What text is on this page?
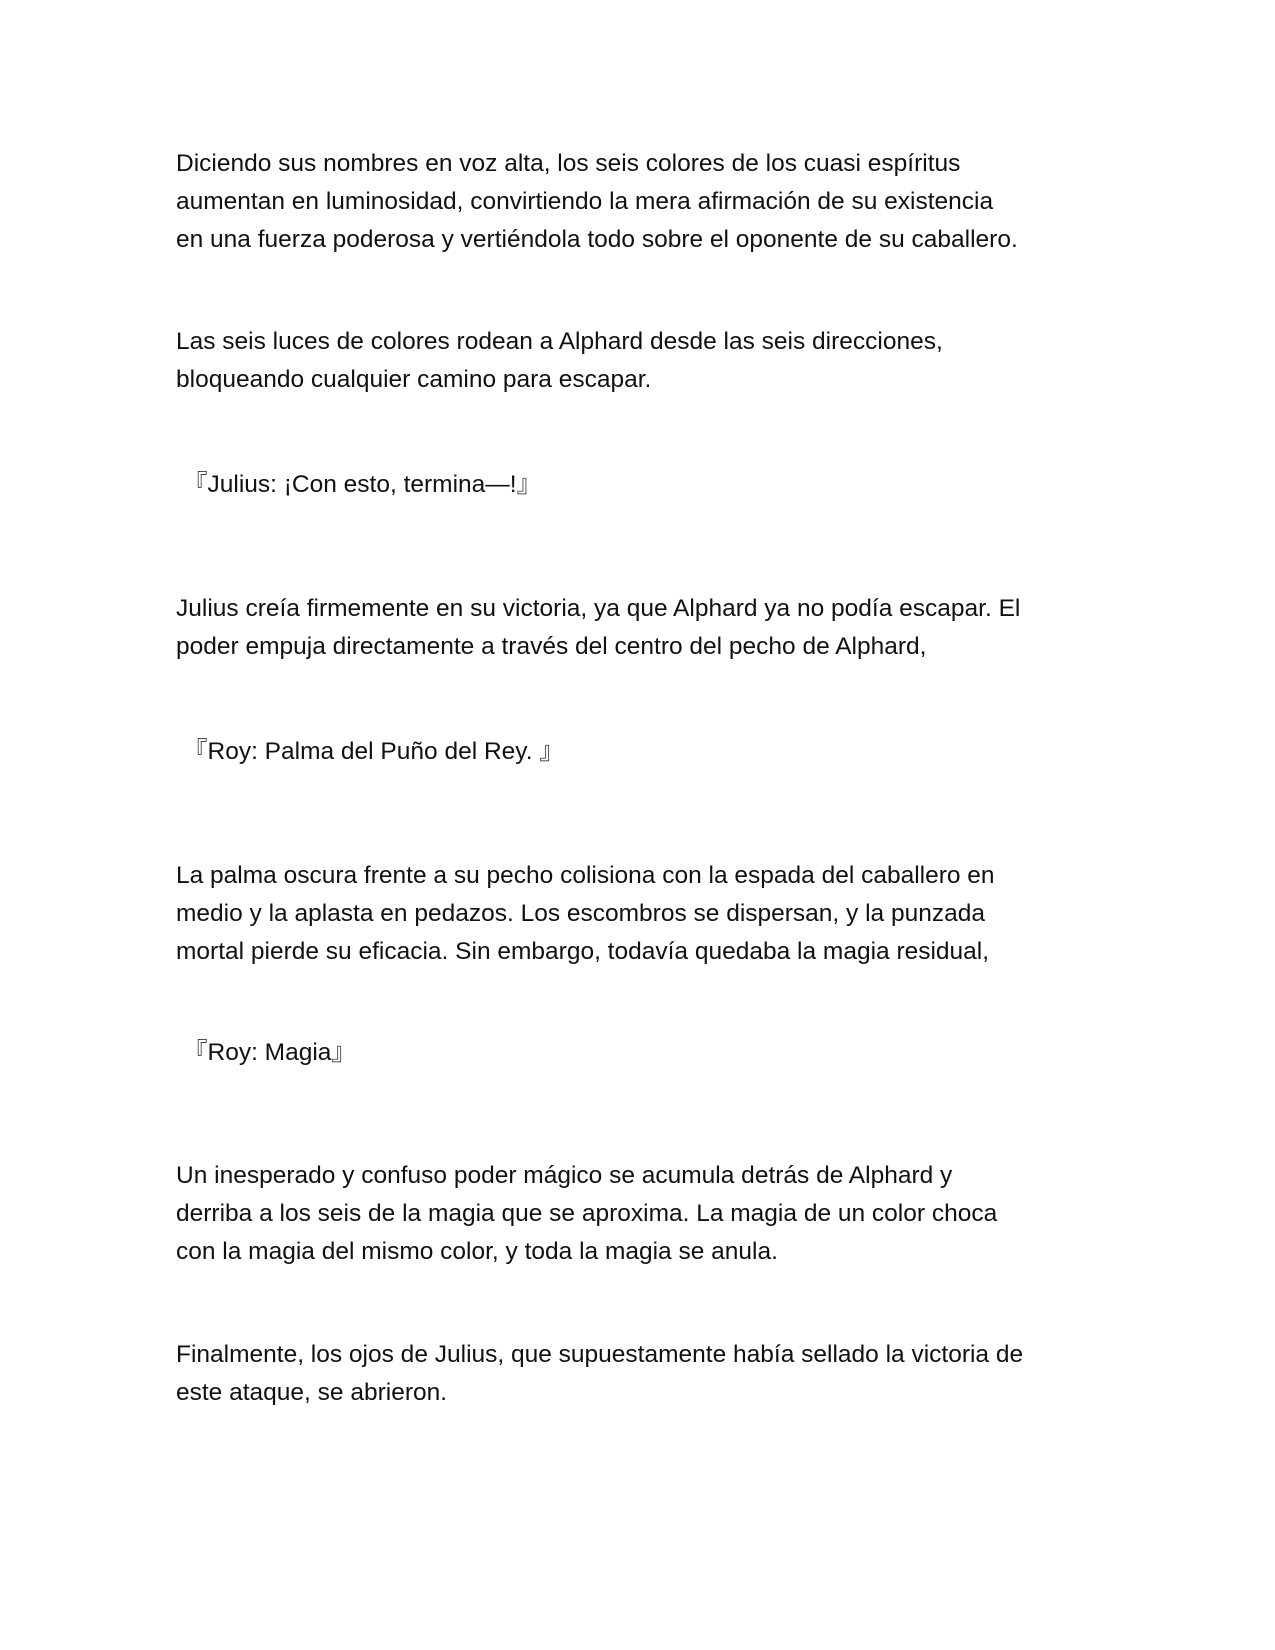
Diciendo sus nombres en voz alta, los seis colores de los cuasi espíritus
aumentan en luminosidad, convirtiendo la mera afirmación de su existencia
en una fuerza poderosa y vertiéndola todo sobre el oponente de su caballero.

Las seis luces de colores rodean a Alphard desde las seis direcciones,
bloqueando cualquier camino para escapar.

『Julius: ¡Con esto, termina—!』

Julius creía firmemente en su victoria, ya que Alphard ya no podía escapar. El
poder empuja directamente a través del centro del pecho de Alphard,

『Roy: Palma del Puño del Rey. 』

La palma oscura frente a su pecho colisiona con la espada del caballero en
medio y la aplasta en pedazos. Los escombros se dispersan, y la punzada
mortal pierde su eficacia. Sin embargo, todavía quedaba la magia residual,

『Roy: Magia』

Un inesperado y confuso poder mágico se acumula detrás de Alphard y
derriba a los seis de la magia que se aproxima. La magia de un color choca
con la magia del mismo color, y toda la magia se anula.

Finalmente, los ojos de Julius, que supuestamente había sellado la victoria de
este ataque, se abrieron.
